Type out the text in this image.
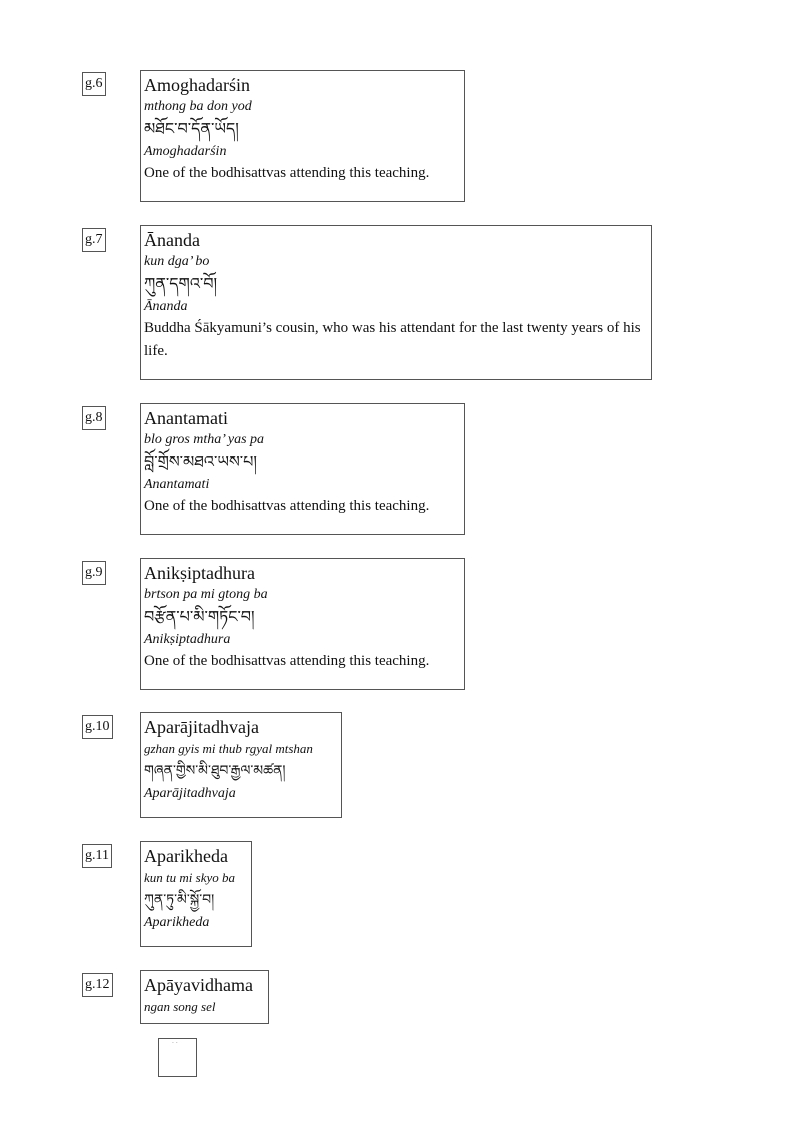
g.6 Amoghadarśin
mthong ba don yod
མཐོང་བ་དོན་ཡོད།
Amoghadarśin
One of the bodhisattvas attending this teaching.
g.7 Ānanda
kun dga’ bo
ཀུན་དགའ་བོ།
Ānanda
Buddha Śākyamuni’s cousin, who was his attendant for the last twenty years of his life.
g.8 Anantamati
blo gros mtha’ yas pa
བློ་གྲོས་མཐའ་ཡས་པ།
Anantamati
One of the bodhisattvas attending this teaching.
g.9 Anikṣiptadhura
brtson pa mi gtong ba
བརྩོན་པ་མི་གཏོང་བ།
Anikṣiptadhura
One of the bodhisattvas attending this teaching.
g.10 Aparājitadhvaja
gzhan gyis mi thub rgyal mtshan
གཞན་གྱིས་མི་ཐུབ་རྒྱལ་མཚན།
Aparājitadhvaja
g.11 Aparikheda
kun tu mi skyo ba
ཀུན་ཏུ་མི་སྐྱོ་བ།
Aparikheda
g.12 Apāyavidhama
ngan song sel
· ·
